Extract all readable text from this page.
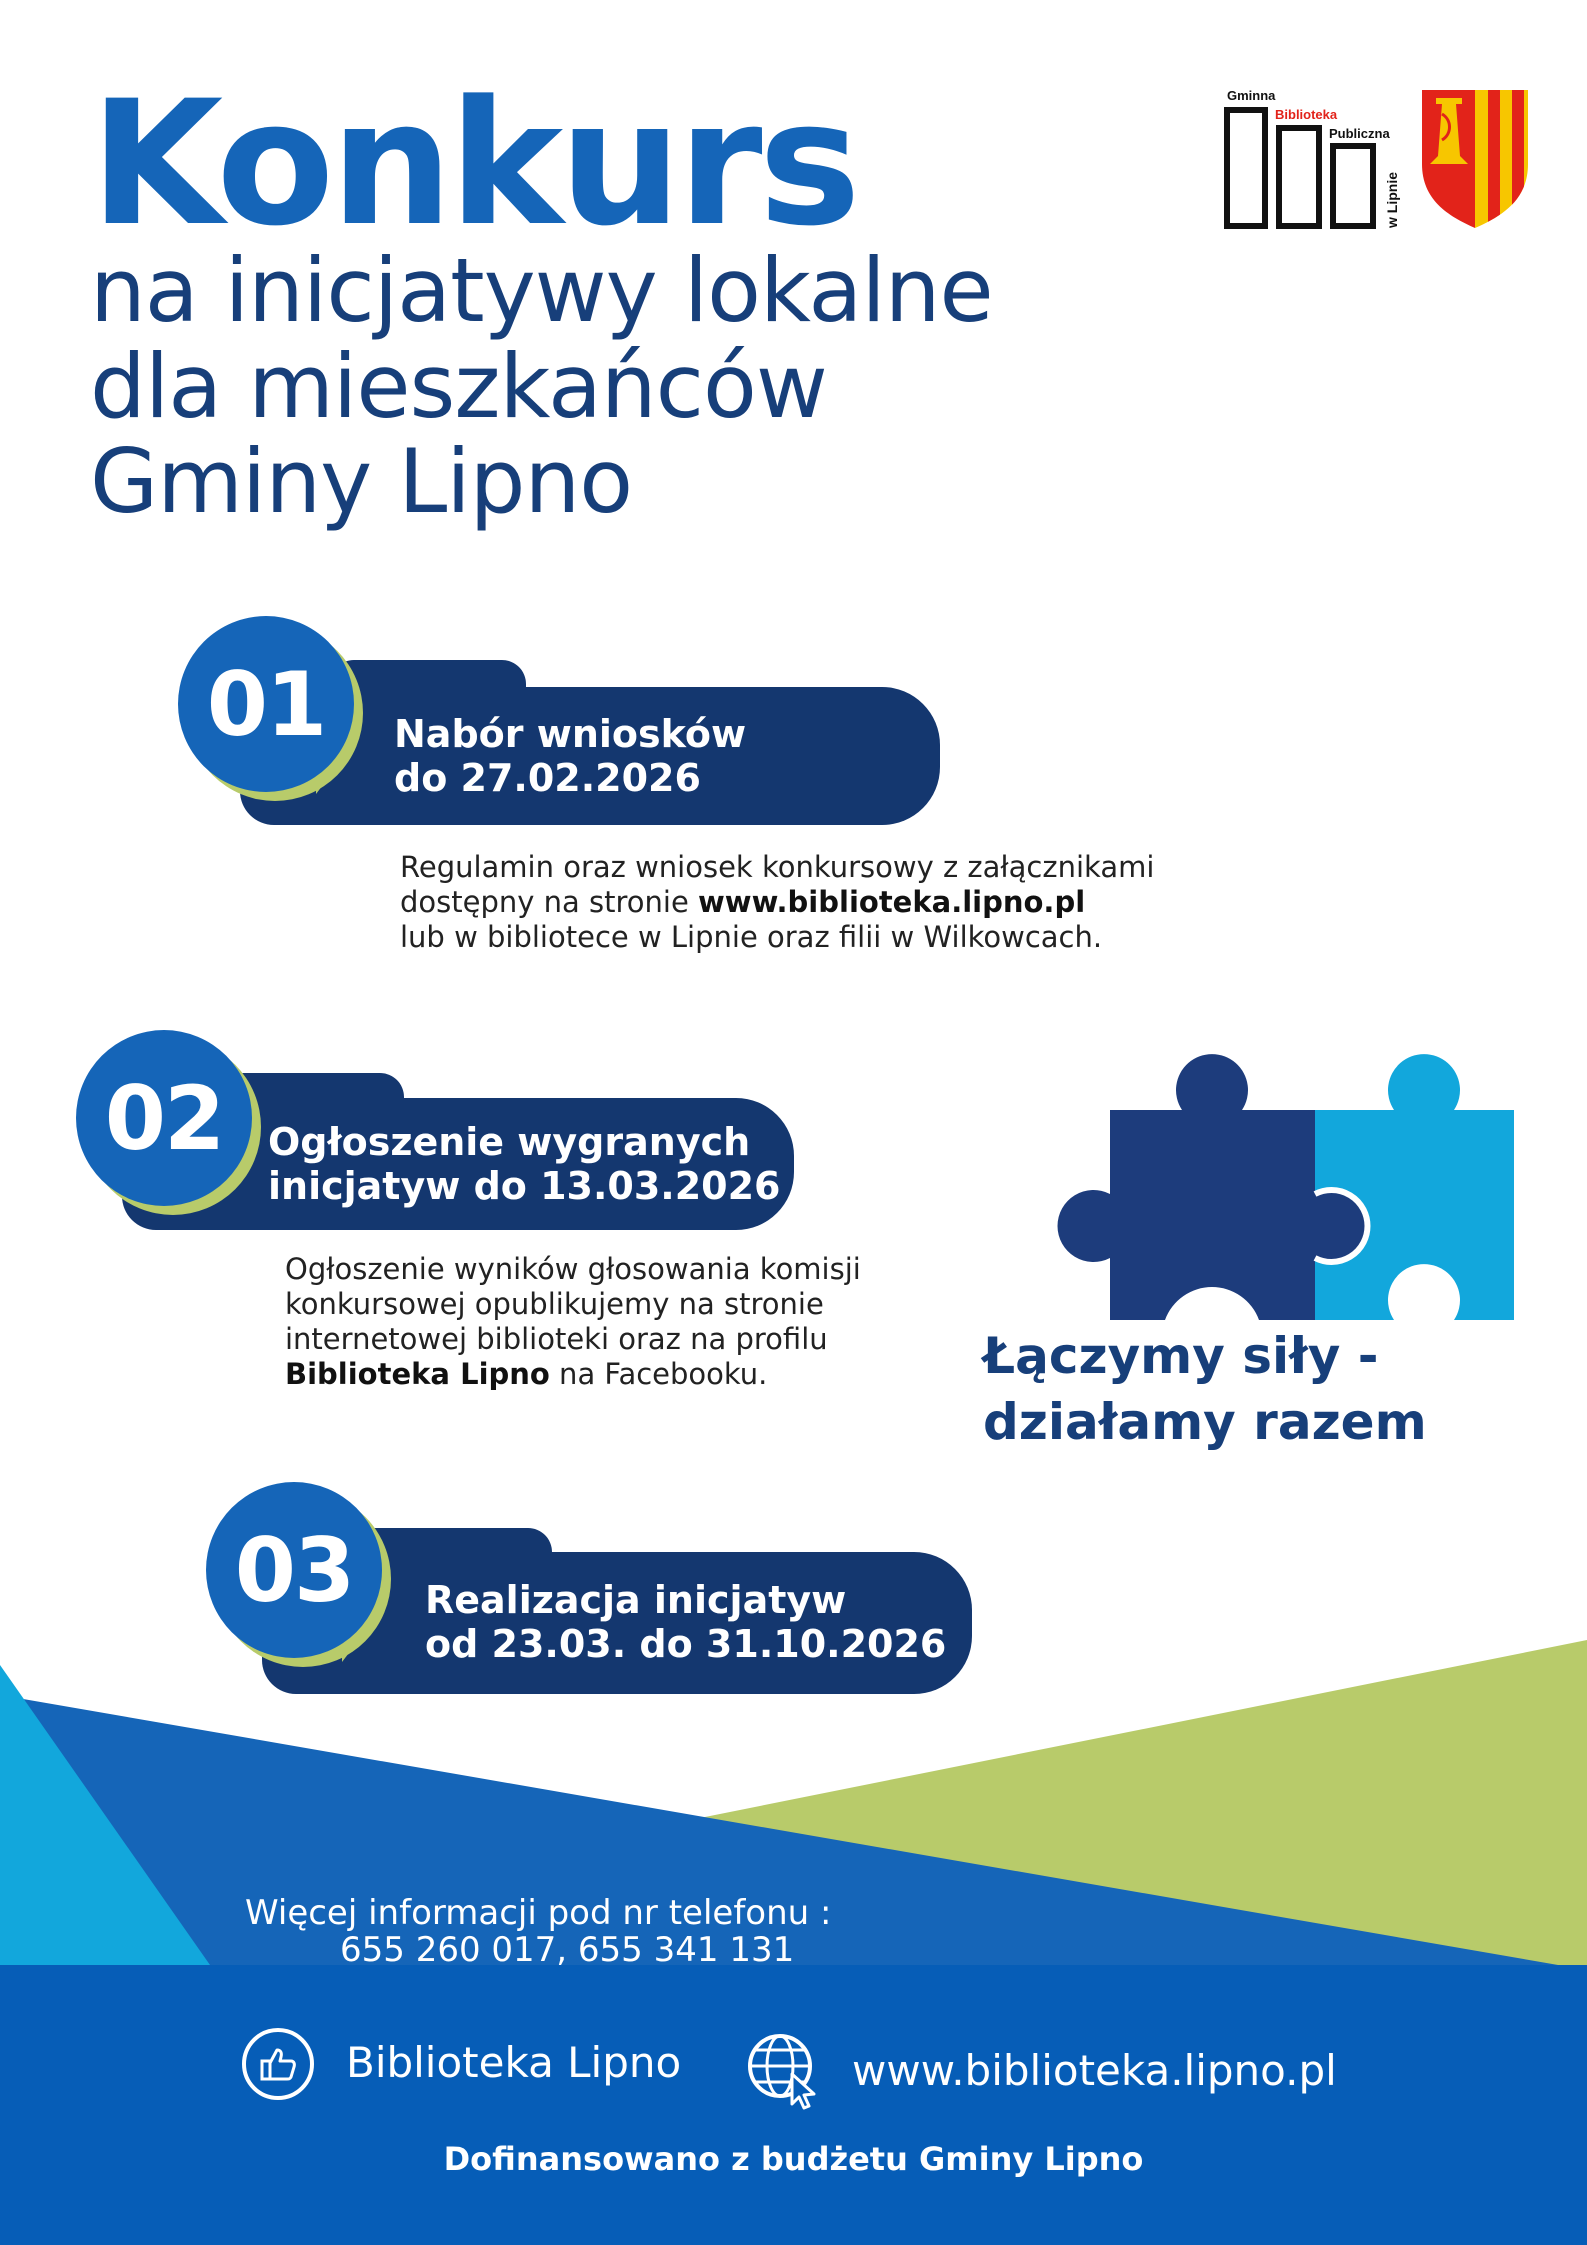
Konkurs
na inicjatywy lokalne
dla mieszkańców
Gminy Lipno
Gminna
Biblioteka
Publiczna
w Lipnie
01	Nabór wniosków
do 27.02.2026
Regulamin oraz wniosek konkursowy z załącznikami
dostępny na stronie www.biblioteka.lipno.pl
lub w bibliotece w Lipnie oraz filii w Wilkowcach.
02	Ogłoszenie wygranych
inicjatyw do 13.03.2026
Ogłoszenie wyników głosowania komisji
konkursowej opublikujemy na stronie
internetowej biblioteki oraz na profilu
Biblioteka Lipno na Facebooku.	Łączymy siły -
działamy razem
03	Realizacja inicjatyw
od 23.03. do 31.10.2026
Więcej informacji pod nr telefonu :
655 260 017, 655 341 131
Biblioteka Lipno	www.biblioteka.lipno.pl
Dofinansowano z budżetu Gminy Lipno
